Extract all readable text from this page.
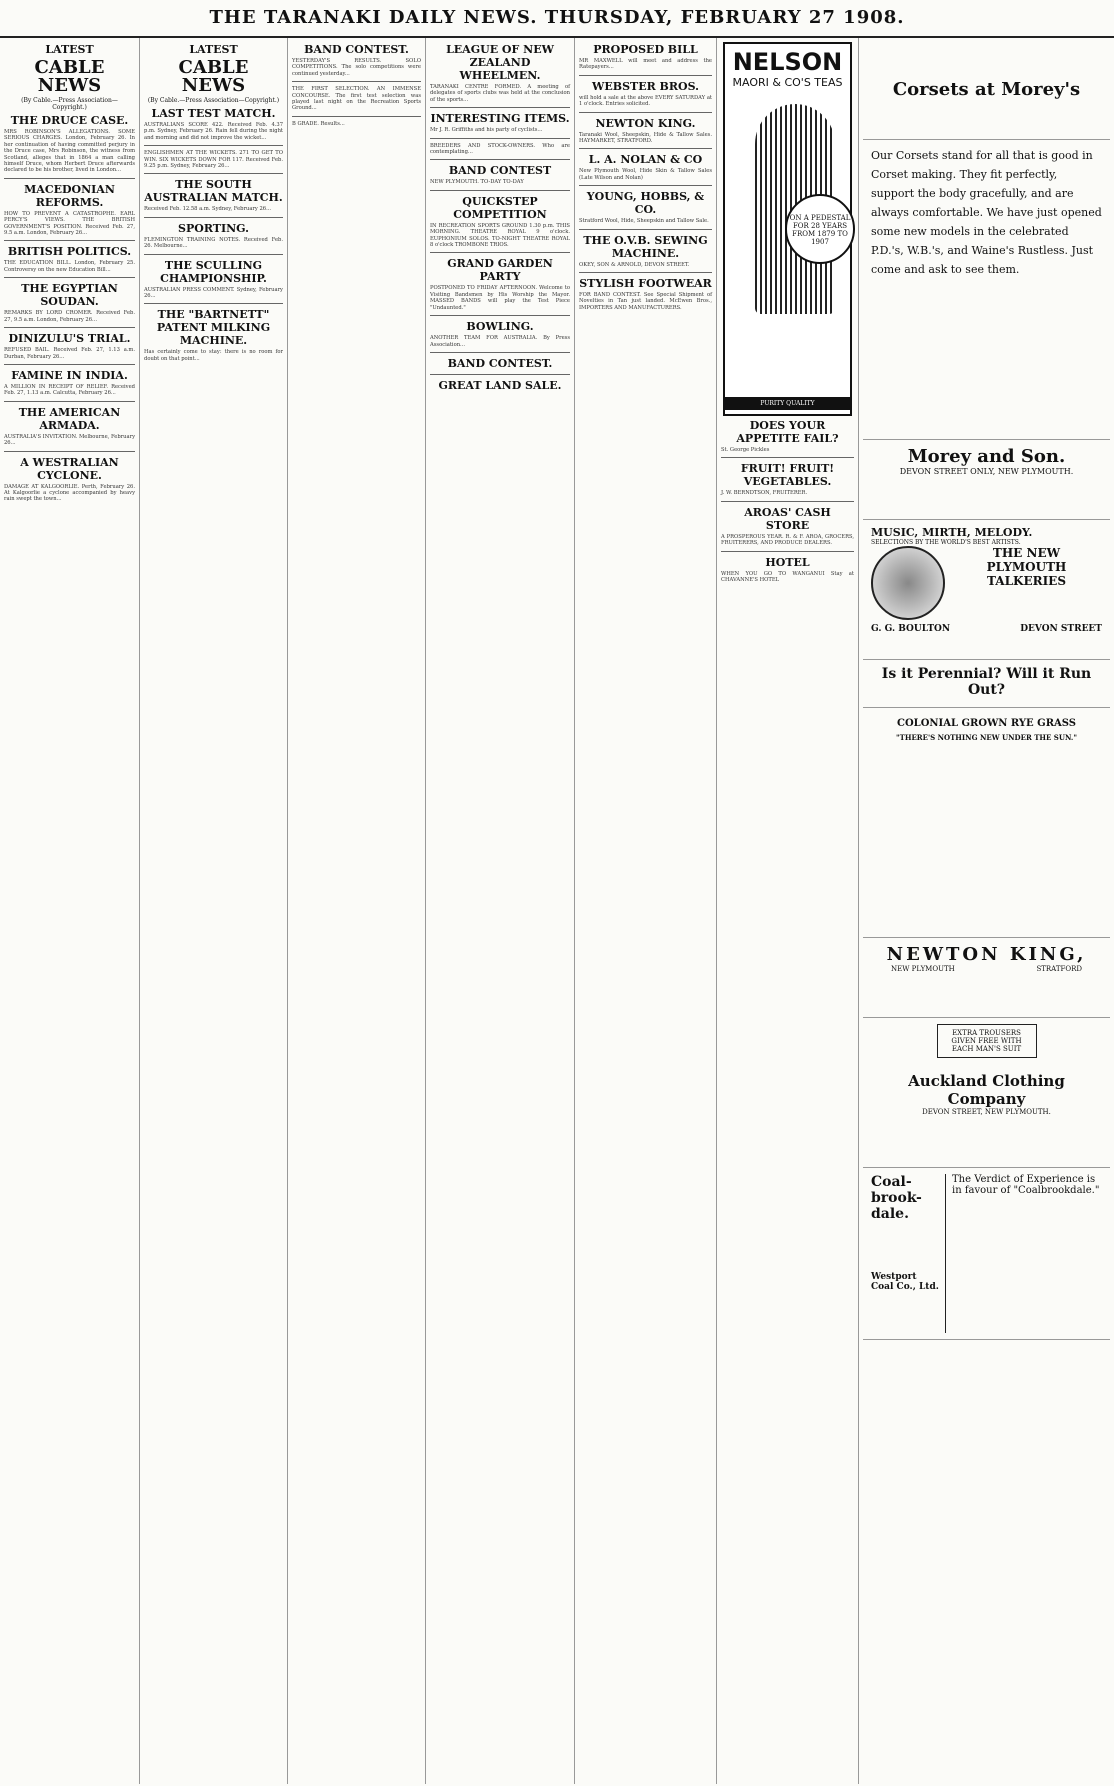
THE TARANAKI DAILY NEWS. THURSDAY, FEBRUARY 27 1908.
LATEST
CABLE NEWS
(By Cable.—Press Association—Copyright.)
THE DRUCE CASE.
MRS ROBINSON'S ALLEGATIONS. SOME SERIOUS CHARGES. London, February 26. In her continuation of having committed perjury in the Druce case, Mrs Robinson, the witness from Scotland, alleges that in 1864 a man calling himself Druce, whom Herbert Druce afterwards declared to be his brother, lived in London...
MACEDONIAN REFORMS.
HOW TO PREVENT A CATASTROPHE. EARL PERCY'S VIEWS. THE BRITISH GOVERNMENT'S POSITION. Received Feb. 27, 9.5 a.m. London, February 26...
BRITISH POLITICS.
THE EDUCATION BILL. London, February 25. Controversy on the new Education Bill...
THE EGYPTIAN SOUDAN.
REMARKS BY LORD CROMER. Received Feb. 27, 9.5 a.m. London, February 26...
DINIZULU'S TRIAL.
REFUSED BAIL. Received Feb. 27, 1.13 a.m. Durban, February 26...
FAMINE IN INDIA.
A MILLION IN RECEIPT OF RELIEF. Received Feb. 27, 1.13 a.m. Calcutta, February 26...
THE AMERICAN ARMADA.
AUSTRALIA'S INVITATION. Melbourne, February 26...
A WESTRALIAN CYCLONE.
DAMAGE AT KALGOORLIE. Perth, February 26. At Kalgoorlie a cyclone accompanied by heavy rain swept the town...
LATEST
CABLE NEWS
(By Cable.—Press Association—Copyright.)
LAST TEST MATCH.
AUSTRALIANS SCORE 422. Received Feb. 4.37 p.m. Sydney, February 26. Rain fell during the night and morning and did not improve the wicket...
ENGLISHMEN AT THE WICKETS. 271 TO GET TO WIN. SIX WICKETS DOWN FOR 117. Received Feb. 9.25 p.m. Sydney, February 26...
THE SOUTH AUSTRALIAN MATCH.
Received Feb. 12.58 a.m. Sydney, February 26...
SPORTING.
FLEMINGTON TRAINING NOTES. Received Feb. 26. Melbourne...
THE SCULLING CHAMPIONSHIP.
AUSTRALIAN PRESS COMMENT. Sydney, February 26...
THE "BARTNETT" PATENT MILKING MACHINE.
Has certainly come to stay: there is no room for doubt on that point...
BAND CONTEST.
YESTERDAY'S RESULTS. SOLO COMPETITIONS. The solo competitions were continued yesterday...
THE FIRST SELECTION. AN IMMENSE CONCOURSE. The first test selection was played last night on the Recreation Sports Ground...
B GRADE. Results...
LEAGUE OF NEW ZEALAND WHEELMEN.
TARANAKI CENTRE FORMED. A meeting of delegates of sports clubs was held at the conclusion of the sports...
INTERESTING ITEMS.
Mr J. R. Griffiths and his party of cyclists...
BREEDERS AND STOCK-OWNERS. Who are contemplating...
BAND CONTEST
NEW PLYMOUTH. TO-DAY TO-DAY
QUICKSTEP COMPETITION
IN RECREATION SPORTS GROUND 1.30 p.m. THIS MORNING. THEATRE ROYAL 9 o'clock. EUPHONIUM SOLOS. TO-NIGHT THEATRE ROYAL 8 o'clock TROMBONE TRIOS.
GRAND GARDEN PARTY
POSTPONED TO FRIDAY AFTERNOON. Welcome to Visiting Bandsmen by His Worship the Mayor. MASSED BANDS will play the Test Piece "Undaunted."
BOWLING.
ANOTHER TEAM FOR AUSTRALIA. By Press Association...
BAND CONTEST.
GREAT LAND SALE.
PROPOSED BILL
MR MAXWELL will meet and address the Ratepayers...
WEBSTER BROS.
will hold a sale at the above EVERY SATURDAY at 1 o'clock. Entries solicited.
NEWTON KING.
Taranaki Wool, Sheepskin, Hide & Tallow Sales. HAYMARKET, STRATFORD.
L. A. NOLAN & CO
New Plymouth Wool, Hide Skin & Tallow Sales (Late Wilson and Nolan)
YOUNG, HOBBS, & CO.
Stratford Wool, Hide, Sheepskin and Tallow Sale.
THE O.V.B. SEWING MACHINE.
OKEY, SON & ARNOLD, DEVON STREET.
STYLISH FOOTWEAR
FOR BAND CONTEST. See Special Shipment of Novelties in Tan just landed. McEwen Bros., IMPORTERS AND MANUFACTURERS.
NELSON
MAORI & CO'S TEAS
ON A PEDESTAL FOR 28 YEARS FROM 1879 TO 1907
PURITY QUALITY
DOES YOUR APPETITE FAIL?
St. George Pickles
FRUIT! FRUIT! VEGETABLES.
J. W. BERNDTSON, FRUITERER.
AROAS' CASH STORE
A PROSPEROUS YEAR. R. & F. AROA, GROCERS, FRUITERERS, AND PRODUCE DEALERS.
HOTEL
WHEN YOU GO TO WANGANUI Stay at CHAVANNE'S HOTEL
Corsets at Morey's
Our Corsets stand for all that is good in Corset making. They fit perfectly, support the body gracefully, and are always comfortable. We have just opened some new models in the celebrated P.D.'s, W.B.'s, and Waine's Rustless. Just come and ask to see them.
Morey and Son.
DEVON STREET ONLY, NEW PLYMOUTH.
MUSIC, MIRTH, MELODY.
SELECTIONS BY THE WORLD'S BEST ARTISTS.
THE NEW PLYMOUTH TALKERIES
G. G. BOULTON	DEVON STREET
Is it Perennial? Will it Run Out?
COLONIAL GROWN RYE GRASS
"THERE'S NOTHING NEW UNDER THE SUN."
NEWTON KING,
NEW PLYMOUTH	STRATFORD
EXTRA TROUSERS GIVEN FREE WITH EACH MAN'S SUIT
Auckland Clothing Company
DEVON STREET, NEW PLYMOUTH.
Coal-brook-dale.
Westport Coal Co., Ltd.
The Verdict of Experience is in favour of "Coalbrookdale."
